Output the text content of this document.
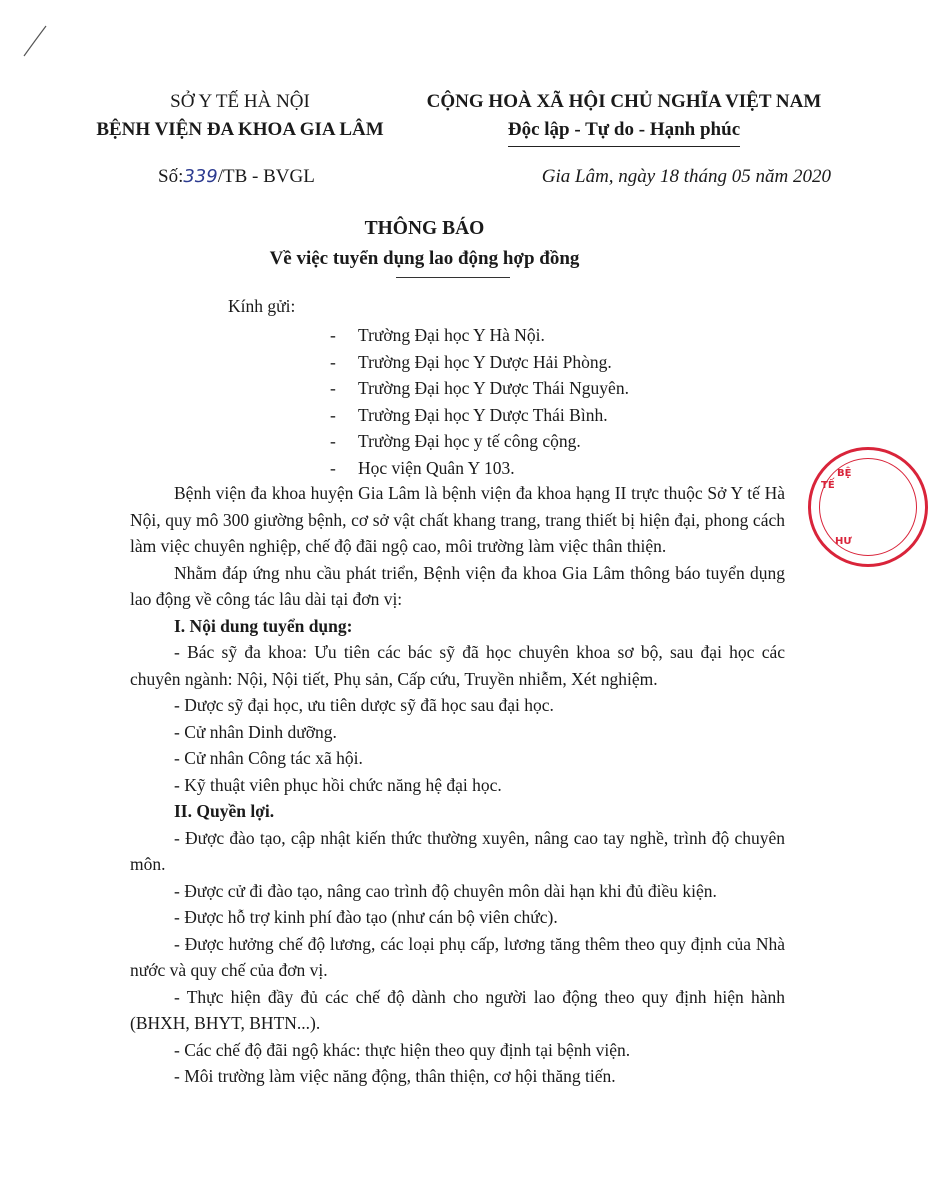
SỞ Y TẾ HÀ NỘI
BỆNH VIỆN ĐA KHOA GIA LÂM
CỘNG HOÀ XÃ HỘI CHỦ NGHĨA VIỆT NAM
Độc lập - Tự do - Hạnh phúc
Số:339/TB - BVGL	Gia Lâm, ngày 18 tháng 05 năm 2020
THÔNG BÁO
Về việc tuyển dụng lao động hợp đồng
Kính gửi:
- Trường Đại học Y Hà Nội.
- Trường Đại học Y Dược Hải Phòng.
- Trường Đại học Y Dược Thái Nguyên.
- Trường Đại học Y Dược Thái Bình.
- Trường Đại học y tế công cộng.
- Học viện Quân Y 103.

Bệnh viện đa khoa huyện Gia Lâm là bệnh viện đa khoa hạng II trực thuộc Sở Y tế Hà Nội, quy mô 300 giường bệnh, cơ sở vật chất khang trang, trang thiết bị hiện đại, phong cách làm việc chuyên nghiệp, chế độ đãi ngộ cao, môi trường làm việc thân thiện.

Nhằm đáp ứng nhu cầu phát triển, Bệnh viện đa khoa Gia Lâm thông báo tuyển dụng lao động về công tác lâu dài tại đơn vị:

I. Nội dung tuyển dụng:

- Bác sỹ đa khoa: Ưu tiên các bác sỹ đã học chuyên khoa sơ bộ, sau đại học các chuyên ngành: Nội, Nội tiết, Phụ sản, Cấp cứu, Truyền nhiễm, Xét nghiệm.

- Dược sỹ đại học, ưu tiên dược sỹ đã học sau đại học.

- Cử nhân Dinh dưỡng.

- Cử nhân Công tác xã hội.

- Kỹ thuật viên phục hồi chức năng hệ đại học.

II. Quyền lợi.

- Được đào tạo, cập nhật kiến thức thường xuyên, nâng cao tay nghề, trình độ chuyên môn.

- Được cử đi đào tạo, nâng cao trình độ chuyên môn dài hạn khi đủ điều kiện.

- Được hỗ trợ kinh phí đào tạo (như cán bộ viên chức).

- Được hưởng chế độ lương, các loại phụ cấp, lương tăng thêm theo quy định của Nhà nước và quy chế của đơn vị.

- Thực hiện đầy đủ các chế độ dành cho người lao động theo quy định hiện hành (BHXH, BHYT, BHTN...).

- Các chế độ đãi ngộ khác: thực hiện theo quy định tại bệnh viện.

- Môi trường làm việc năng động, thân thiện, cơ hội thăng tiến.

TẾ
BỆ
HƯ
